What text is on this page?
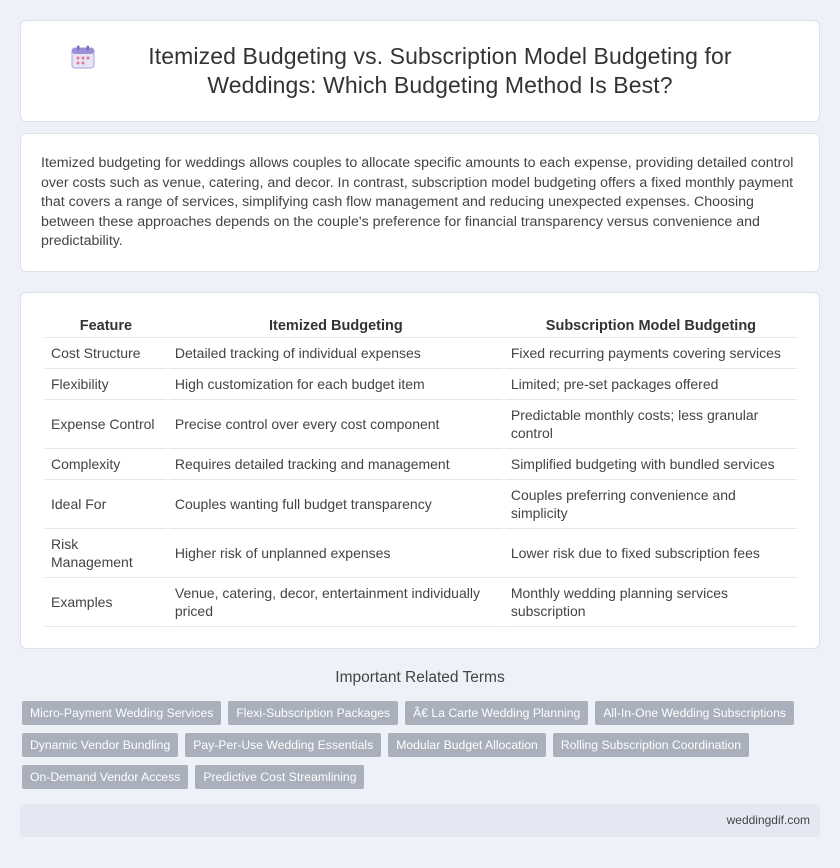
Itemized Budgeting vs. Subscription Model Budgeting for Weddings: Which Budgeting Method Is Best?

Itemized budgeting for weddings allows couples to allocate specific amounts to each expense, providing detailed control over costs such as venue, catering, and decor. In contrast, subscription model budgeting offers a fixed monthly payment that covers a range of services, simplifying cash flow management and reducing unexpected expenses. Choosing between these approaches depends on the couple's preference for financial transparency versus convenience and predictability.

Feature	Itemized Budgeting	Subscription Model Budgeting
Cost Structure	Detailed tracking of individual expenses	Fixed recurring payments covering services
Flexibility	High customization for each budget item	Limited; pre-set packages offered
Expense Control	Precise control over every cost component	Predictable monthly costs; less granular control
Complexity	Requires detailed tracking and management	Simplified budgeting with bundled services
Ideal For	Couples wanting full budget transparency	Couples preferring convenience and simplicity
Risk Management	Higher risk of unplanned expenses	Lower risk due to fixed subscription fees
Examples	Venue, catering, decor, entertainment individually priced	Monthly wedding planning services subscription
Important Related Terms
Micro-Payment Wedding Services	Flexi-Subscription Packages	Ã€ La Carte Wedding Planning	All-In-One Wedding Subscriptions
Dynamic Vendor Bundling	Pay-Per-Use Wedding Essentials	Modular Budget Allocation	Rolling Subscription Coordination
On-Demand Vendor Access	Predictive Cost Streamlining
weddingdif.com
